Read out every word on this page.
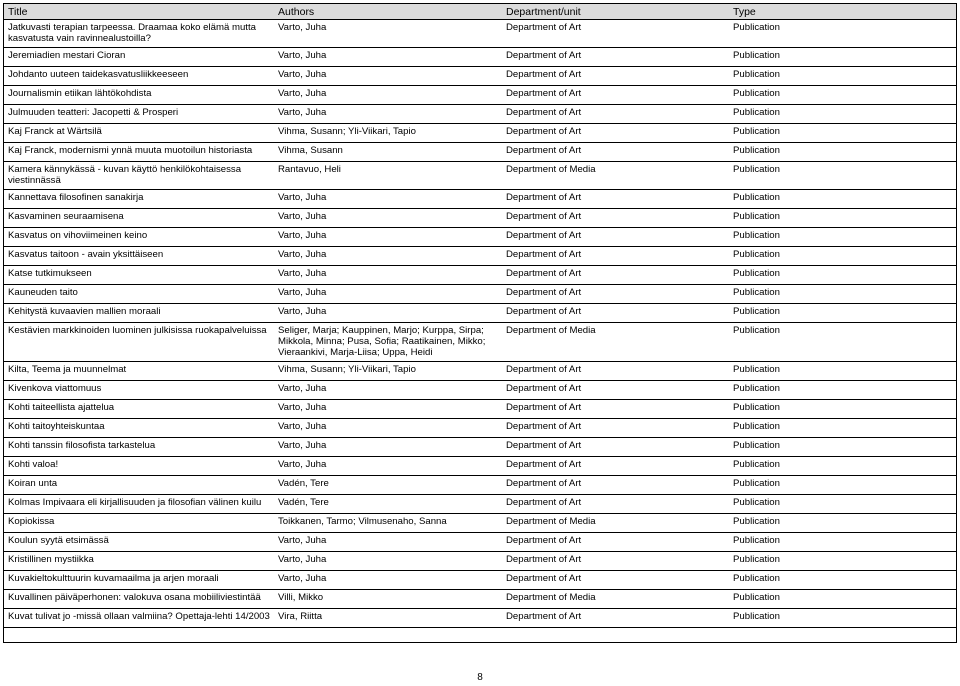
Title	Authors	Department/unit	Type
Jatkuvasti terapian tarpeessa. Draamaa koko elämä mutta kasvatusta vain ravinnealustoilla?	Varto, Juha	Department of Art	Publication
Jeremiadien mestari Cioran	Varto, Juha	Department of Art	Publication
Johdanto uuteen taidekasvatusliikkeeseen	Varto, Juha	Department of Art	Publication
Journalismin etiikan lähtökohdista	Varto, Juha	Department of Art	Publication
Julmuuden teatteri: Jacopetti & Prosperi	Varto, Juha	Department of Art	Publication
Kaj Franck at Wärtsilä	Vihma, Susann; Yli-Viikari, Tapio	Department of Art	Publication
Kaj Franck, modernismi ynnä muuta muotoilun historiasta	Vihma, Susann	Department of Art	Publication
Kamera kännykässä - kuvan käyttö henkilökohtaisessa viestinnässä	Rantavuo, Heli	Department of Media	Publication
Kannettava filosofinen sanakirja	Varto, Juha	Department of Art	Publication
Kasvaminen seuraamisena	Varto, Juha	Department of Art	Publication
Kasvatus on vihoviimeinen keino	Varto, Juha	Department of Art	Publication
Kasvatus taitoon - avain yksittäiseen	Varto, Juha	Department of Art	Publication
Katse tutkimukseen	Varto, Juha	Department of Art	Publication
Kauneuden taito	Varto, Juha	Department of Art	Publication
Kehitystä kuvaavien mallien moraali	Varto, Juha	Department of Art	Publication
Kestävien markkinoiden luominen julkisissa ruokapalveluissa	Seliger, Marja; Kauppinen, Marjo; Kurppa, Sirpa; Mikkola, Minna; Pusa, Sofia; Raatikainen, Mikko; Vieraankivi, Marja-Liisa; Uppa, Heidi	Department of Media	Publication
Kilta, Teema ja muunnelmat	Vihma, Susann; Yli-Viikari, Tapio	Department of Art	Publication
Kivenkova viattomuus	Varto, Juha	Department of Art	Publication
Kohti taiteellista ajattelua	Varto, Juha	Department of Art	Publication
Kohti taitoyhteiskuntaa	Varto, Juha	Department of Art	Publication
Kohti tanssin filosofista tarkastelua	Varto, Juha	Department of Art	Publication
Kohti valoa!	Varto, Juha	Department of Art	Publication
Koiran unta	Vadén, Tere	Department of Art	Publication
Kolmas Impivaara eli kirjallisuuden ja filosofian välinen kuilu	Vadén, Tere	Department of Art	Publication
Kopiokissa	Toikkanen, Tarmo; Vilmusenaho, Sanna	Department of Media	Publication
Koulun syytä etsimässä	Varto, Juha	Department of Art	Publication
Kristillinen mystiikka	Varto, Juha	Department of Art	Publication
Kuvakieltokulttuurin kuvamaailma ja arjen moraali	Varto, Juha	Department of Art	Publication
Kuvallinen päiväperhonen: valokuva osana mobiiliviestintää	Villi, Mikko	Department of Media	Publication
Kuvat tulivat jo -missä ollaan valmiina? Opettaja-lehti 14/2003	Vira, Riitta	Department of Art	Publication
8
